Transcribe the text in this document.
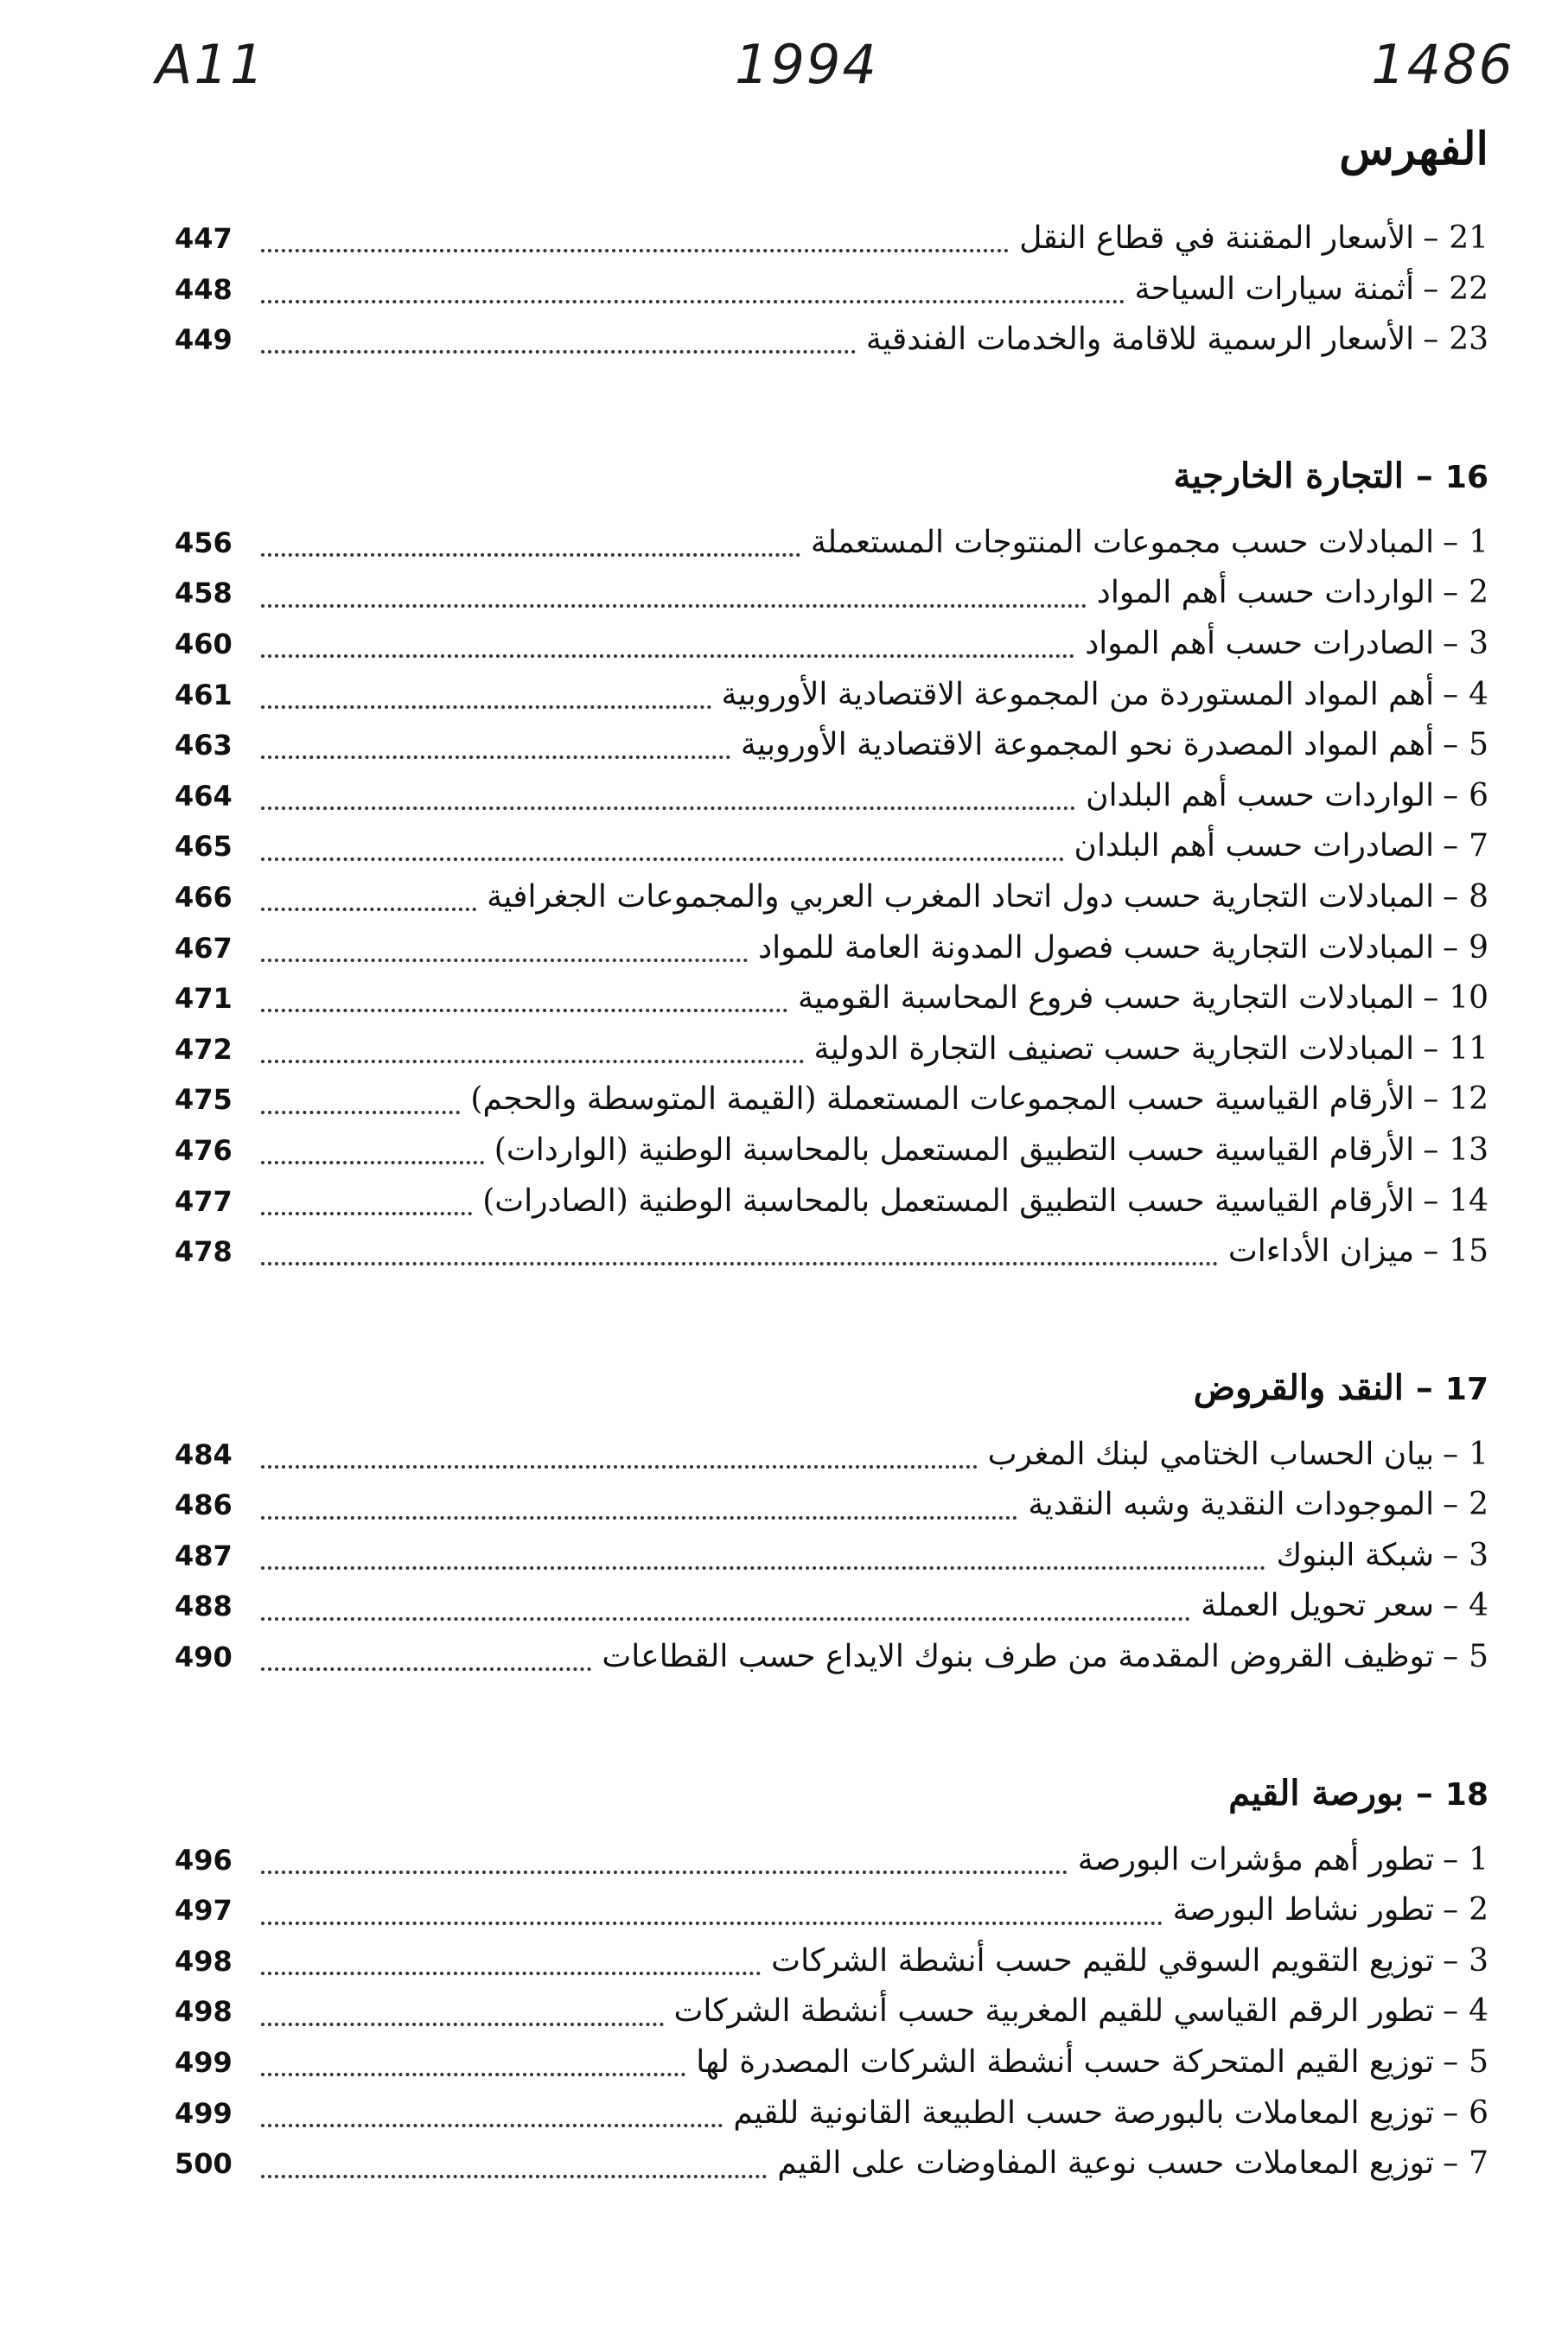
1486
1994
A11
الفهرس
21
–
الأسعار المقننة في قطاع النقل
447
22
–
أثمنة سيارات السياحة
448
23
–
الأسعار الرسمية للاقامة والخدمات الفندقية
449
16
–
التجارة الخارجية
1
–
المبادلات حسب مجموعات المنتوجات المستعملة
456
2
–
الواردات حسب أهم المواد
458
3
–
الصادرات حسب أهم المواد
460
4
–
أهم المواد المستوردة من المجموعة الاقتصادية الأوروبية
461
5
–
أهم المواد المصدرة نحو المجموعة الاقتصادية الأوروبية
463
6
–
الواردات حسب أهم البلدان
464
7
–
الصادرات حسب أهم البلدان
465
8
–
المبادلات التجارية حسب دول اتحاد المغرب العربي والمجموعات الجغرافية
466
9
–
المبادلات التجارية حسب فصول المدونة العامة للمواد
467
10
–
المبادلات التجارية حسب فروع المحاسبة القومية
471
11
–
المبادلات التجارية حسب تصنيف التجارة الدولية
472
12
–
الأرقام القياسية حسب المجموعات المستعملة (القيمة المتوسطة والحجم)
475
13
–
الأرقام القياسية حسب التطبيق المستعمل بالمحاسبة الوطنية (الواردات)
476
14
–
الأرقام القياسية حسب التطبيق المستعمل بالمحاسبة الوطنية (الصادرات)
477
15
–
ميزان الأداءات
478
17
–
النقد والقروض
1
–
بيان الحساب الختامي لبنك المغرب
484
2
–
الموجودات النقدية وشبه النقدية
486
3
–
شبكة البنوك
487
4
–
سعر تحويل العملة
488
5
–
توظيف القروض المقدمة من طرف بنوك الايداع حسب القطاعات
490
18
–
بورصة القيم
1
–
تطور أهم مؤشرات البورصة
496
2
–
تطور نشاط البورصة
497
3
–
توزيع التقويم السوقي للقيم حسب أنشطة الشركات
498
4
–
تطور الرقم القياسي للقيم المغربية حسب أنشطة الشركات
498
5
–
توزيع القيم المتحركة حسب أنشطة الشركات المصدرة لها
499
6
–
توزيع المعاملات بالبورصة حسب الطبيعة القانونية للقيم
499
7
–
توزيع المعاملات حسب نوعية المفاوضات على القيم
500
